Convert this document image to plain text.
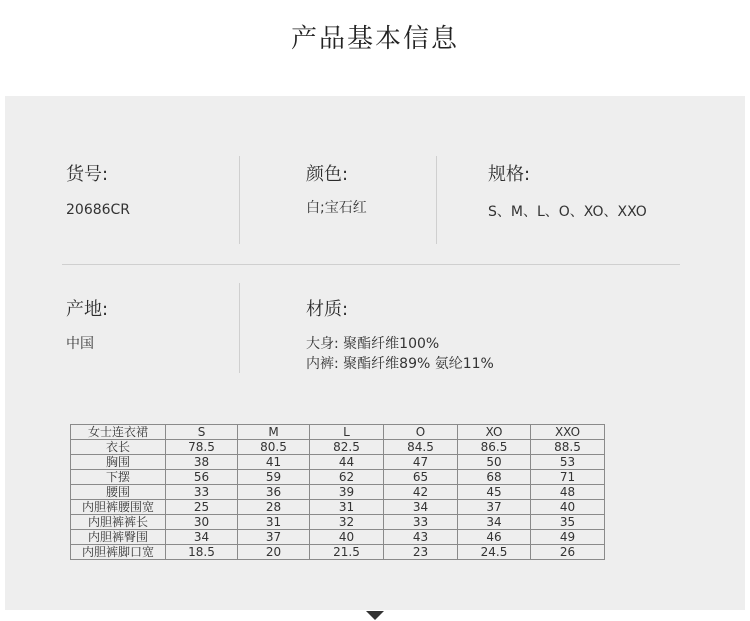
产品基本信息
货号:
20686CR
颜色:
白;宝石红
规格:
S、M、L、O、XO、XXO
产地:
中国
材质:
大身: 聚酯纤维100%
内裤: 聚酯纤维89% 氨纶11%
女士连衣裙	S	M	L	O	XO	XXO
衣长	78.5	80.5	82.5	84.5	86.5	88.5
胸围	38	41	44	47	50	53
下摆	56	59	62	65	68	71
腰围	33	36	39	42	45	48
内胆裤腰围宽	25	28	31	34	37	40
内胆裤裤长	30	31	32	33	34	35
内胆裤臀围	34	37	40	43	46	49
内胆裤脚口宽	18.5	20	21.5	23	24.5	26
